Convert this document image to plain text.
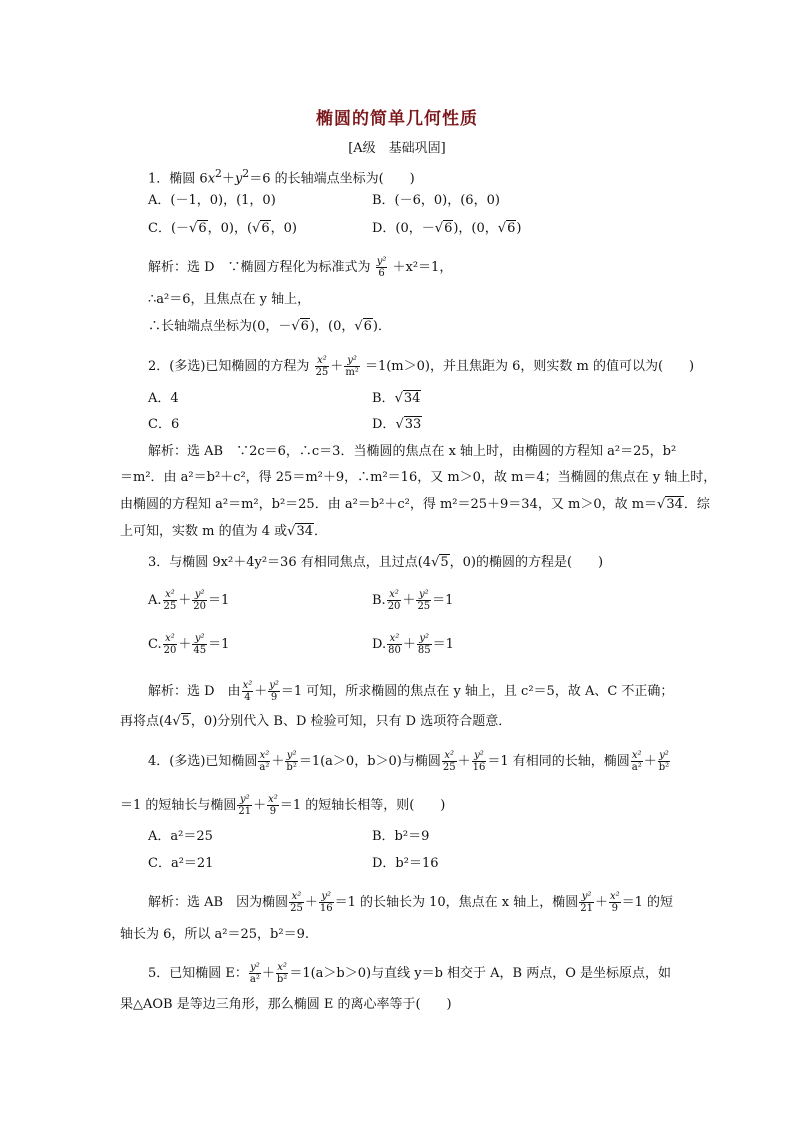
椭圆的简单几何性质
[A级　基础巩固]
1．椭圆 $6x^2+y^2=6$ 的长轴端点坐标为(　　)
A．(－1，0)，(1，0)	B．(－6，0)，(6，0)
C．(－√6，0)，(√6，0)	D．(0，－√6)，(0，√6)
解析：选 D　∵椭圆方程化为标准式为 $\frac{\text{y²}}{6} +x^2=1$，
∴a²＝6，且焦点在 y 轴上，
∴长轴端点坐标为(0，－√6)，(0，√6)．
2．(多选)已知椭圆的方程为 $\frac{\text{x²}}{25} + \frac{\text{y²}}{\text{m²}} =1(m>0)$，并且焦距为 6，则实数 m 的值可以为(　　)
A．4	B．√34
C．6	D．√33
解析：选 AB　∵2c＝6，∴c＝3．当椭圆的焦点在 x 轴上时，由椭圆的方程知 a²＝25，b²
＝m²．由 a²＝b²＋c²，得 25＝m²＋9，∴m²＝16，又 m＞0，故 m＝4；当椭圆的焦点在 y 轴上时，
由椭圆的方程知 a²＝m²，b²＝25．由 a²＝b²＋c²，得 m²＝25＋9＝34，又 m＞0，故 m＝√34．综
上可知，实数 m 的值为 4 或√34．
3．与椭圆 9x²＋4y²＝36 有相同焦点，且过点(4√5，0)的椭圆的方程是(　　)
A. $\frac{\text{x²}}{25} + \frac{\text{y²}}{20} =1$	B. $\frac{\text{x²}}{20} + \frac{\text{y²}}{25} =1$
C. $\frac{\text{x²}}{20} + \frac{\text{y²}}{45} =1$	D. $\frac{\text{x²}}{80} + \frac{\text{y²}}{85} =1$
解析：选 D　由 $\frac{\text{x²}}{4} + \frac{\text{y²}}{9} =1$ 可知，所求椭圆的焦点在 y 轴上，且 c²＝5，故 A、C 不正确；
再将点(4√5，0)分别代入 B、D 检验可知，只有 D 选项符合题意．
4．(多选)已知椭圆 $\frac{\text{x²}}{\text{a²}} + \frac{\text{y²}}{\text{b²}} =1(a>0$，b＞0)与椭圆 $\frac{\text{x²}}{25} + \frac{\text{y²}}{16} =1$ 有相同的长轴，椭圆 $\frac{\text{x²}}{\text{a²}} + \frac{\text{y²}}{\text{b²}}$
＝1 的短轴长与椭圆 $\frac{\text{y²}}{21} + \frac{\text{x²}}{9} =1$ 的短轴长相等，则(　　)
A．a²＝25	B．b²＝9
C．a²＝21	D．b²＝16
解析：选 AB　因为椭圆 $\frac{\text{x²}}{25} + \frac{\text{y²}}{16} =1$ 的长轴长为 10，焦点在 x 轴上，椭圆 $\frac{\text{y²}}{21} + \frac{\text{x²}}{9} =1$ 的短
轴长为 6，所以 a²＝25，b²＝9.
5．已知椭圆 E： $\frac{\text{y²}}{\text{a²}} + \frac{\text{x²}}{\text{b²}} =1(a>b>0)$与直线 y＝b 相交于 A，B 两点，O 是坐标原点，如
果△AOB 是等边三角形，那么椭圆 E 的离心率等于(　　)
